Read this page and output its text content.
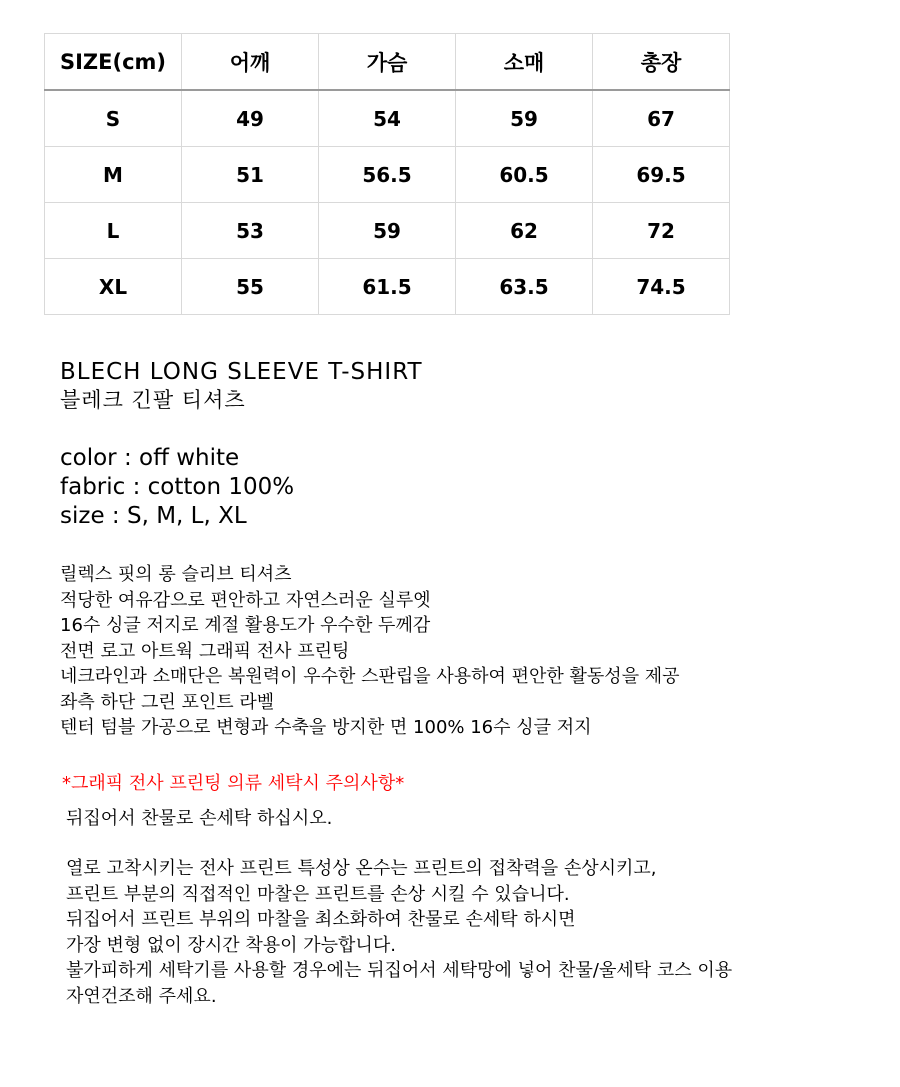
SIZE(cm)	어깨	가슴	소매	총장
S	49	54	59	67
M	51	56.5	60.5	69.5
L	53	59	62	72
XL	55	61.5	63.5	74.5
BLECH LONG SLEEVE T-SHIRT
블레크 긴팔 티셔츠
color : off white
fabric : cotton 100%
size : S, M, L, XL
릴렉스 핏의 롱 슬리브 티셔츠
적당한 여유감으로 편안하고 자연스러운 실루엣
16수 싱글 저지로 계절 활용도가 우수한 두께감
전면 로고 아트웍 그래픽 전사 프린팅
네크라인과 소매단은 복원력이 우수한 스판립을 사용하여 편안한 활동성을 제공
좌측 하단 그린 포인트 라벨
텐터 텀블 가공으로 변형과 수축을 방지한 면 100% 16수 싱글 저지
*그래픽 전사 프린팅 의류 세탁시 주의사항*
뒤집어서 찬물로 손세탁 하십시오.
열로 고착시키는 전사 프린트 특성상 온수는 프린트의 접착력을 손상시키고,
프린트 부분의 직접적인 마찰은 프린트를 손상 시킬 수 있습니다.
뒤집어서 프린트 부위의 마찰을 최소화하여 찬물로 손세탁 하시면
가장 변형 없이 장시간 착용이 가능합니다.
불가피하게 세탁기를 사용할 경우에는 뒤집어서 세탁망에 넣어 찬물/울세탁 코스 이용
자연건조해 주세요.
